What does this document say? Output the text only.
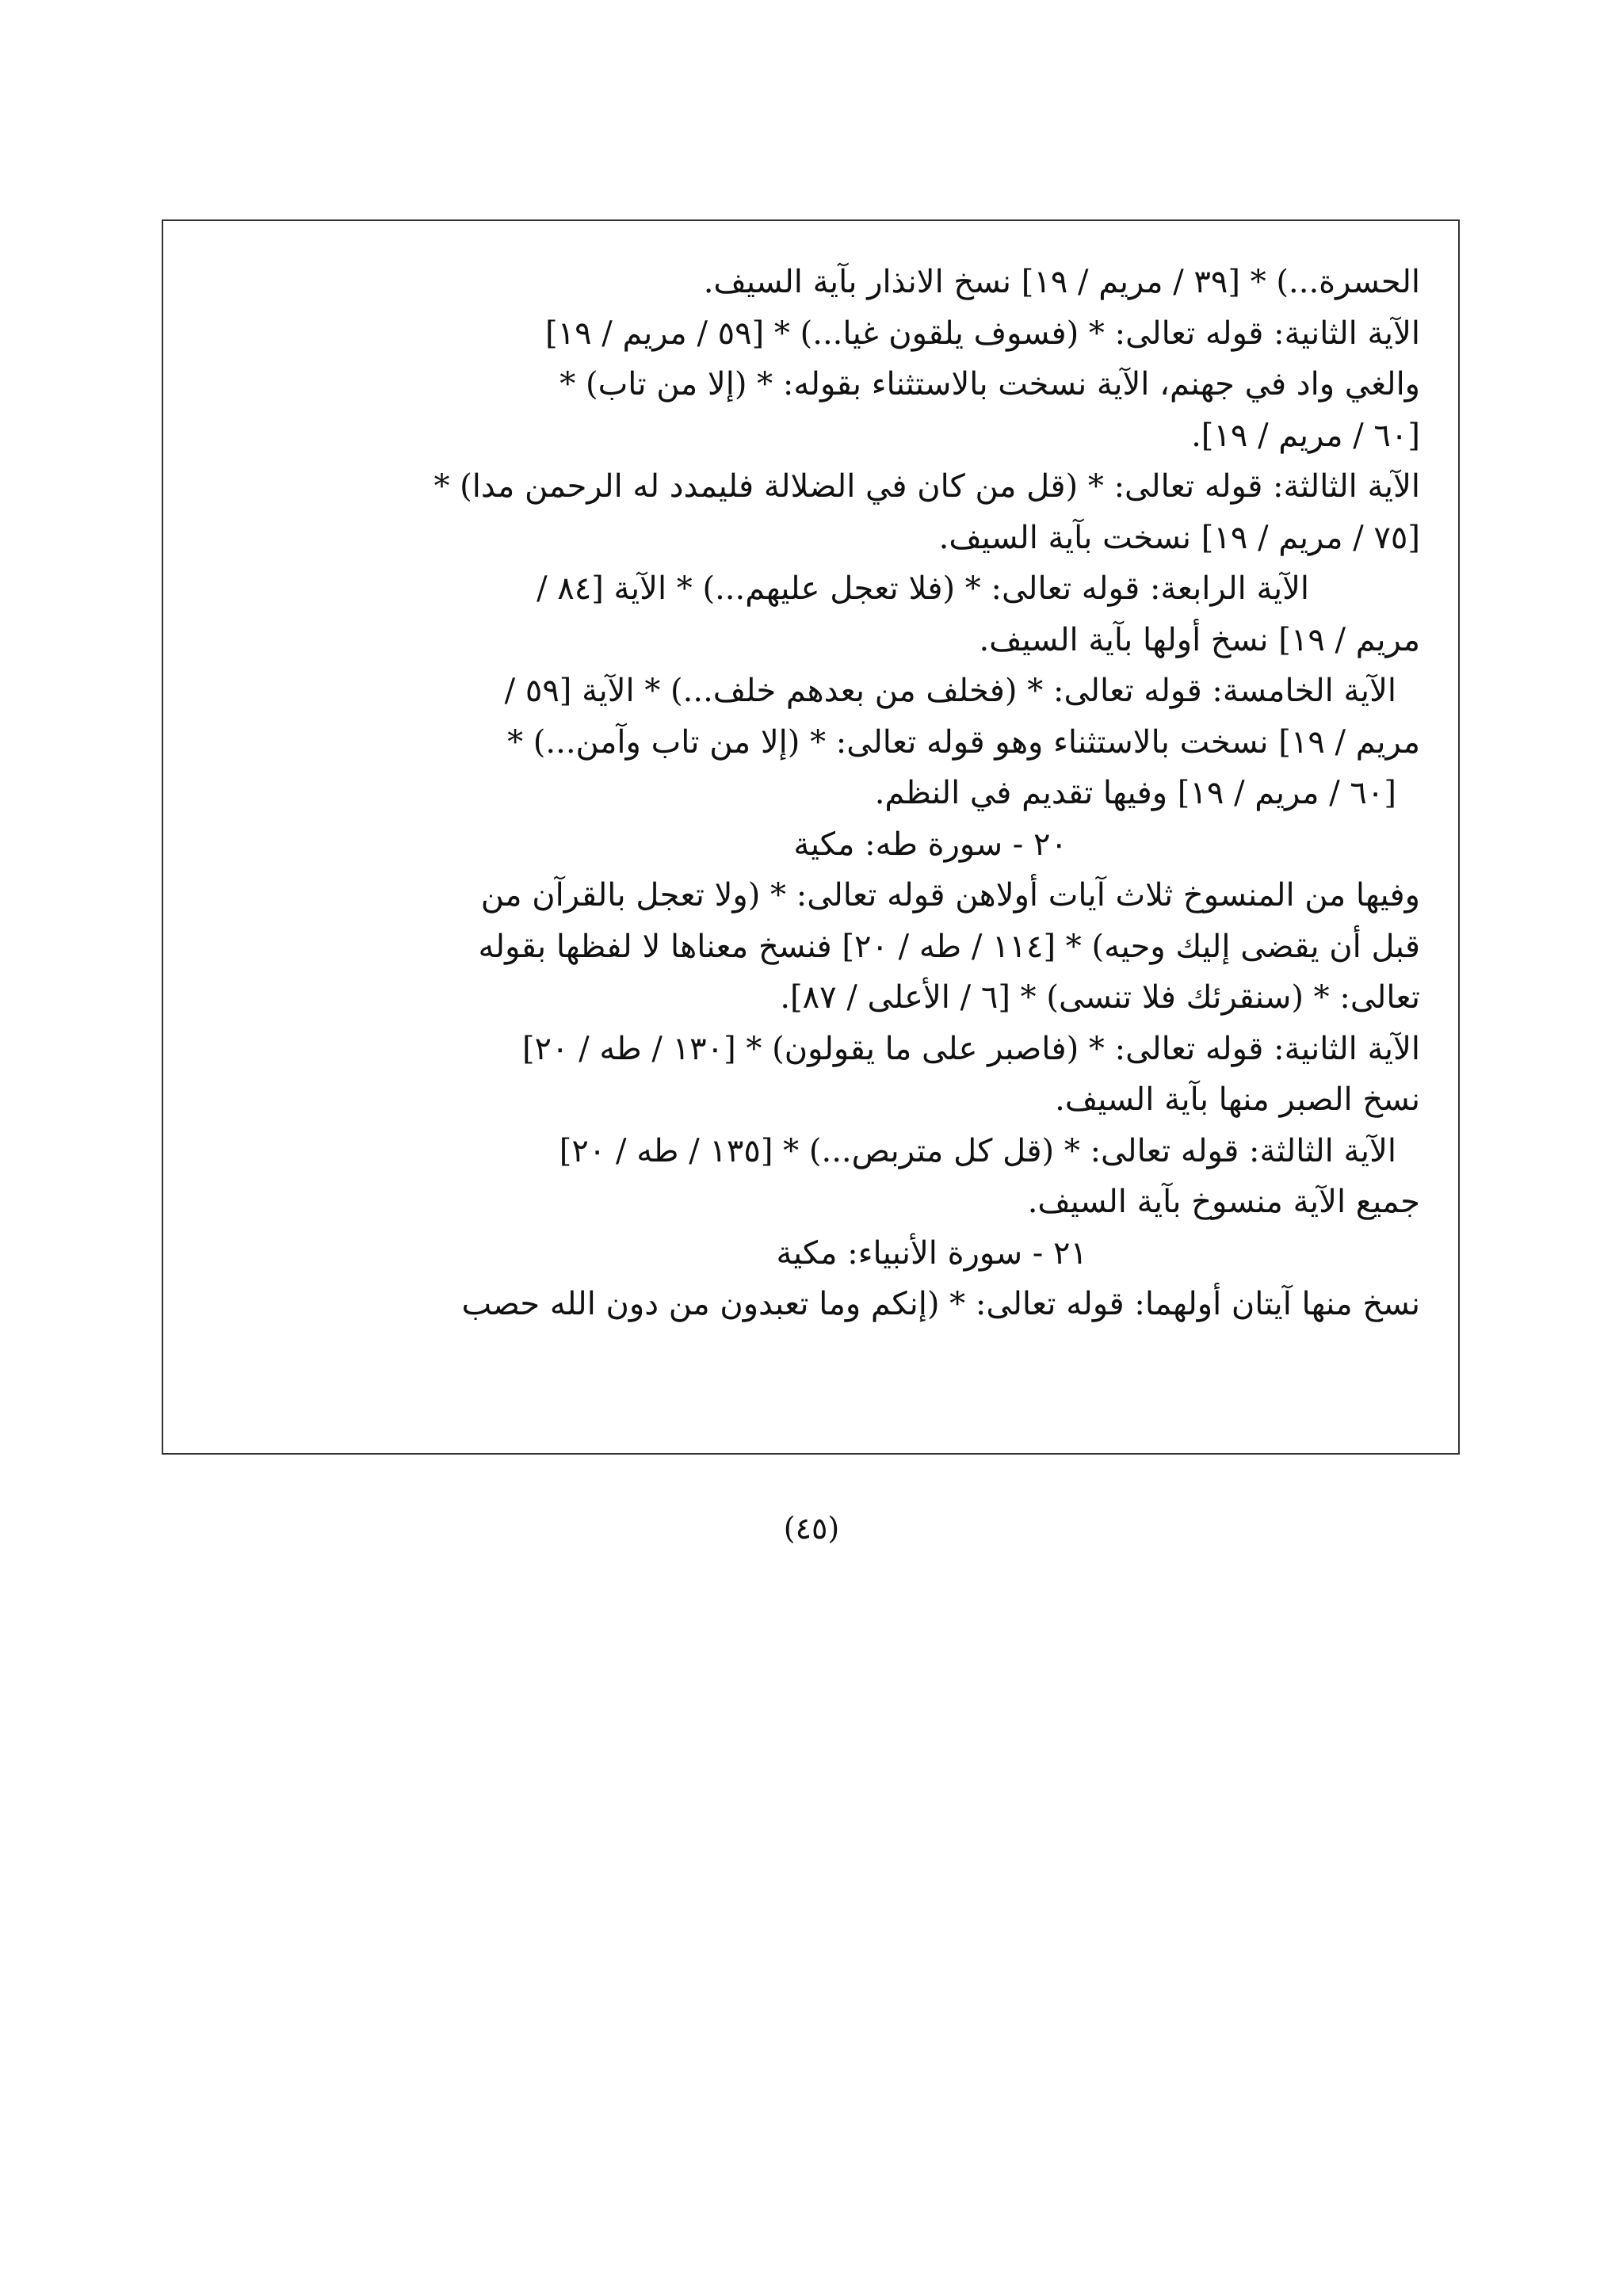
الحسرة...) * [٣٩ / مريم / ١٩] نسخ الانذار بآية السيف.
الآية الثانية: قوله تعالى: * (فسوف يلقون غيا...) * [٥٩ / مريم / ١٩]
والغي واد في جهنم، الآية نسخت بالاستثناء بقوله: * (إلا من تاب) *
[٦٠ / مريم / ١٩].
الآية الثالثة: قوله تعالى: * (قل من كان في الضلالة فليمدد له الرحمن مدا) *
[٧٥ / مريم / ١٩] نسخت بآية السيف.
الآية الرابعة: قوله تعالى: * (فلا تعجل عليهم...) * الآية [٨٤ /
مريم / ١٩] نسخ أولها بآية السيف.
الآية الخامسة: قوله تعالى: * (فخلف من بعدهم خلف...) * الآية [٥٩ /
مريم / ١٩] نسخت بالاستثناء وهو قوله تعالى: * (إلا من تاب وآمن...) *
[٦٠ / مريم / ١٩] وفيها تقديم في النظم.
٢٠ - سورة طه: مكية
وفيها من المنسوخ ثلاث آيات أولاهن قوله تعالى: * (ولا تعجل بالقرآن من
قبل أن يقضى إليك وحيه) * [١١٤ / طه / ٢٠] فنسخ معناها لا لفظها بقوله
تعالى: * (سنقرئك فلا تنسى) * [٦ / الأعلى / ٨٧].
الآية الثانية: قوله تعالى: * (فاصبر على ما يقولون) * [١٣٠ / طه / ٢٠]
نسخ الصبر منها بآية السيف.
الآية الثالثة: قوله تعالى: * (قل كل متربص...) * [١٣٥ / طه / ٢٠]
جميع الآية منسوخ بآية السيف.
٢١ - سورة الأنبياء: مكية
نسخ منها آيتان أولهما: قوله تعالى: * (إنكم وما تعبدون من دون الله حصب
(٤٥)
